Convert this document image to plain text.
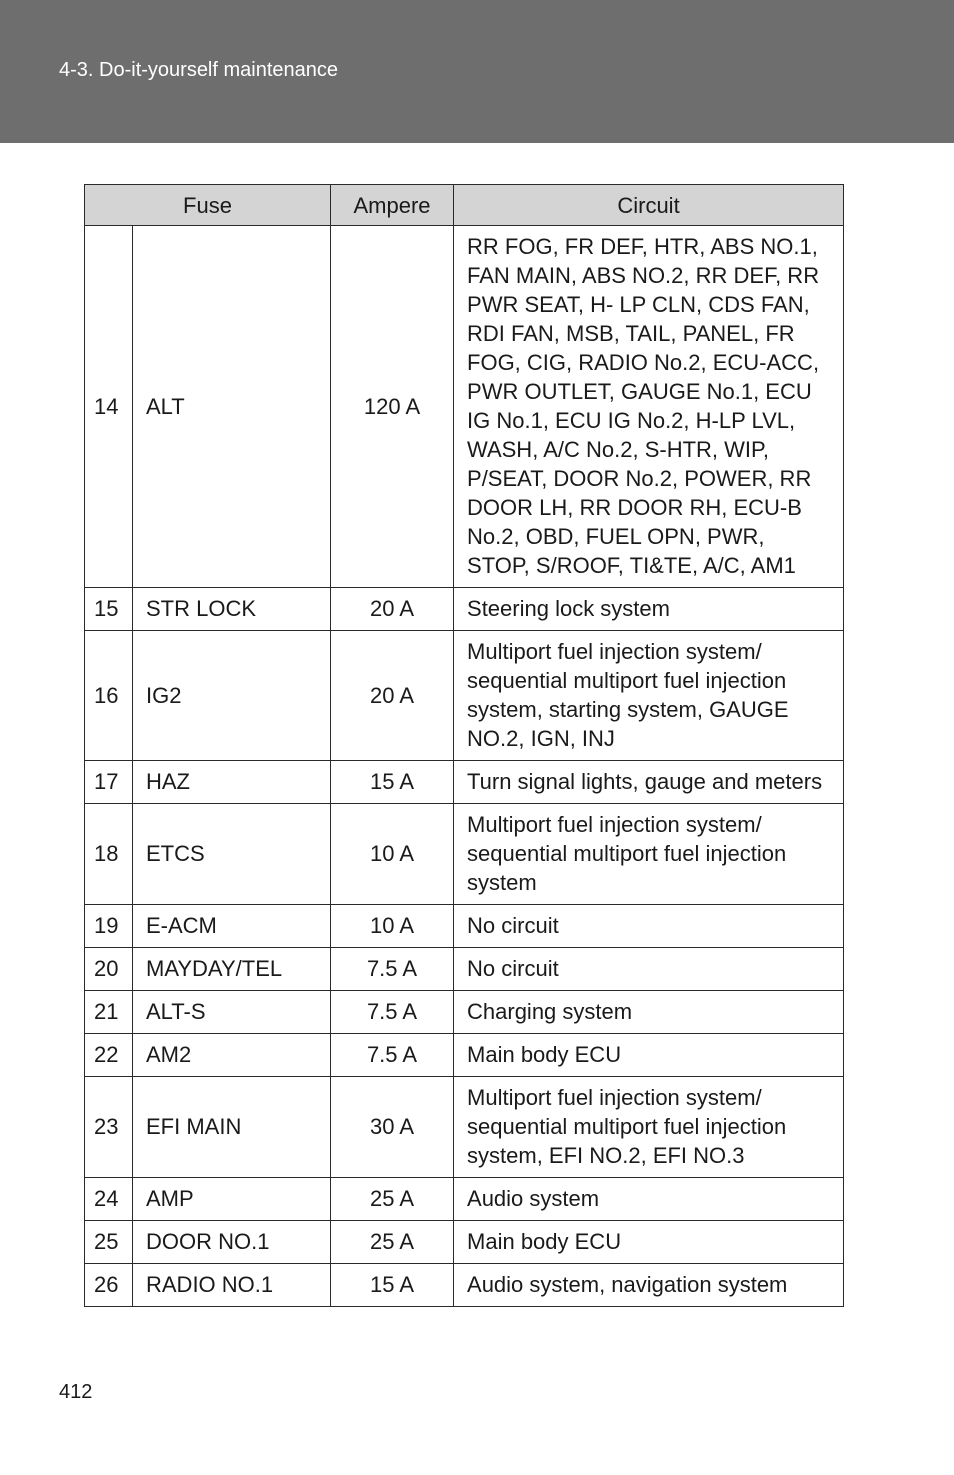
4-3. Do-it-yourself maintenance
Fuse		Ampere	Circuit
14	ALT	120 A	RR FOG, FR DEF, HTR, ABS NO.1, FAN MAIN, ABS NO.2, RR DEF, RR PWR SEAT, H- LP CLN, CDS FAN, RDI FAN, MSB, TAIL, PANEL, FR FOG, CIG, RADIO No.2, ECU-ACC, PWR OUTLET, GAUGE No.1, ECU IG No.1, ECU IG No.2, H-LP LVL, WASH, A/C No.2, S-HTR, WIP, P/SEAT, DOOR No.2, POWER, RR DOOR LH, RR DOOR RH, ECU-B No.2, OBD, FUEL OPN, PWR, STOP, S/ROOF, TI&TE, A/C, AM1
15	STR LOCK	20 A	Steering lock system
16	IG2	20 A	Multiport fuel injection system/ sequential multiport fuel injection system, starting system, GAUGE NO.2, IGN, INJ
17	HAZ	15 A	Turn signal lights, gauge and meters
18	ETCS	10 A	Multiport fuel injection system/ sequential multiport fuel injection system
19	E-ACM	10 A	No circuit
20	MAYDAY/TEL	7.5 A	No circuit
21	ALT-S	7.5 A	Charging system
22	AM2	7.5 A	Main body ECU
23	EFI MAIN	30 A	Multiport fuel injection system/ sequential multiport fuel injection system, EFI NO.2, EFI NO.3
24	AMP	25 A	Audio system
25	DOOR NO.1	25 A	Main body ECU
26	RADIO NO.1	15 A	Audio system, navigation system
412
